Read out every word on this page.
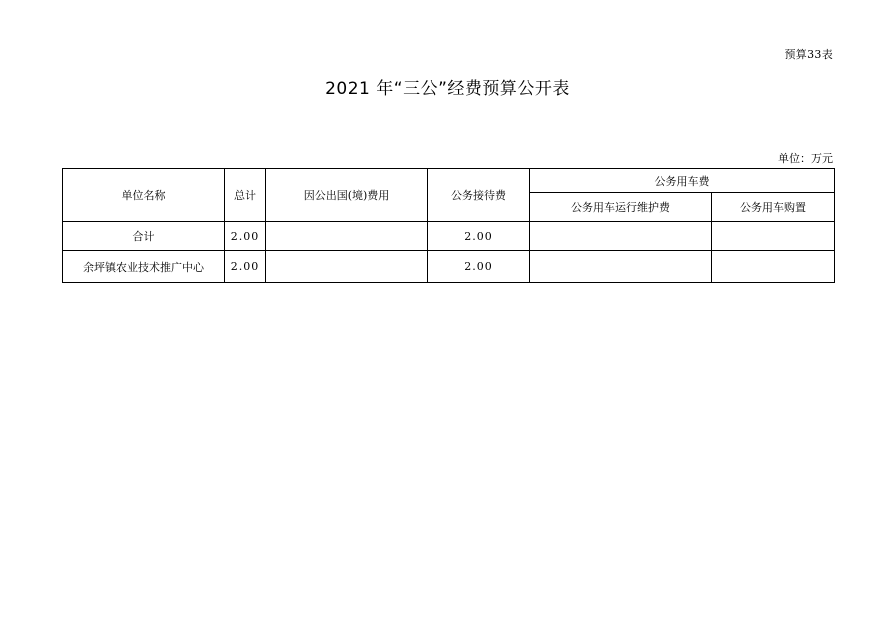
预算33表
2021 年“三公”经费预算公开表
单位：万元
单位名称	总计	因公出国(境)费用	公务接待费	公务用车费	
				公务用车运行维护费	公务用车购置
合计	2.00		2.00		
余坪镇农业技术推广中心	2.00		2.00		
